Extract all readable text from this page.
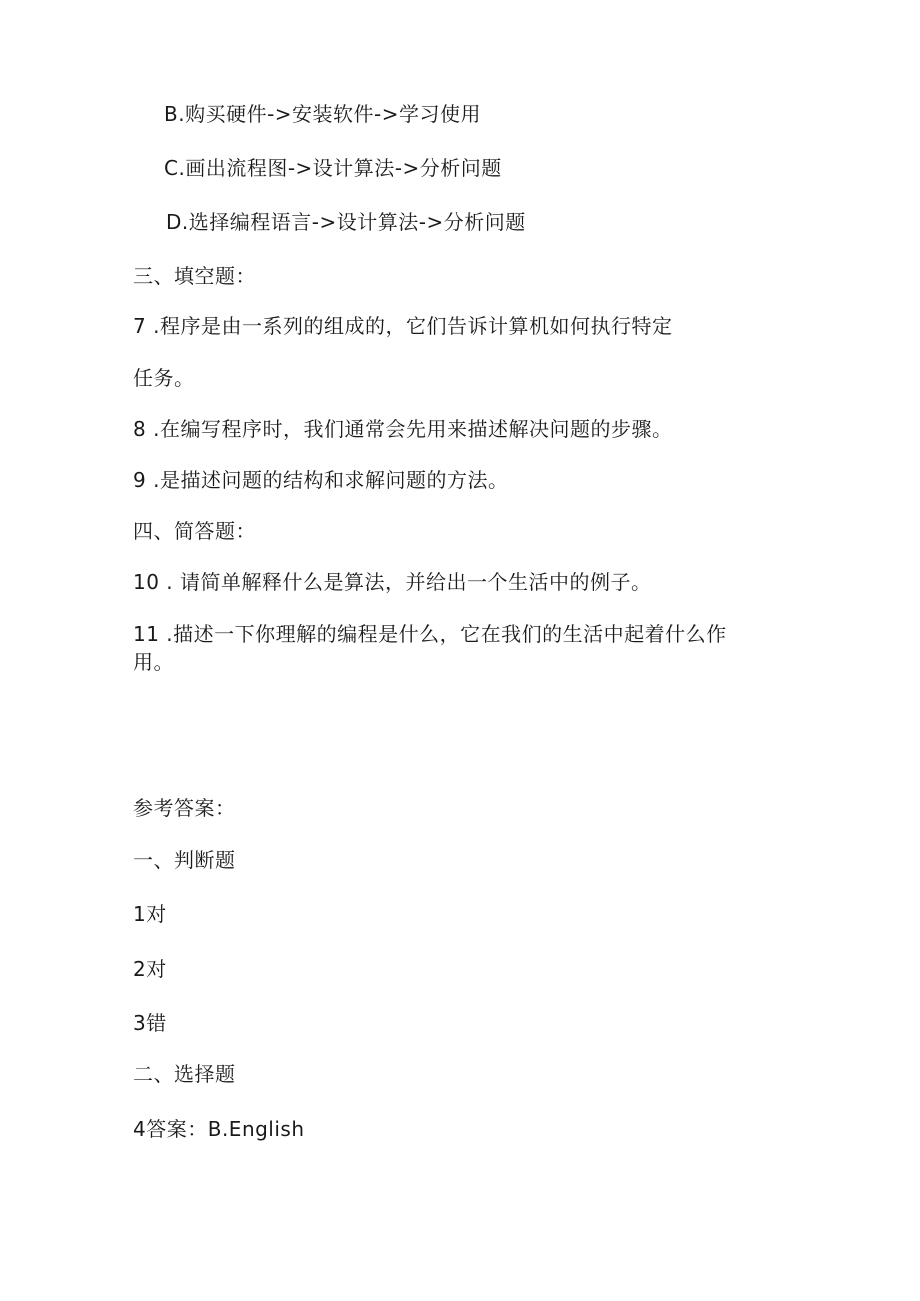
B.购买硬件->安装软件->学习使用
C.画出流程图->设计算法->分析问题
D.选择编程语言->设计算法->分析问题
三、填空题：
7 .程序是由一系列的组成的，它们告诉计算机如何执行特定
任务。
8 .在编写程序时，我们通常会先用来描述解决问题的步骤。
9 .是描述问题的结构和求解问题的方法。
四、简答题：
10 . 请简单解释什么是算法，并给出一个生活中的例子。
11 .描述一下你理解的编程是什么，它在我们的生活中起着什么作
用。
参考答案：
一、判断题
1对
2对
3错
二、选择题
4答案：B.English
